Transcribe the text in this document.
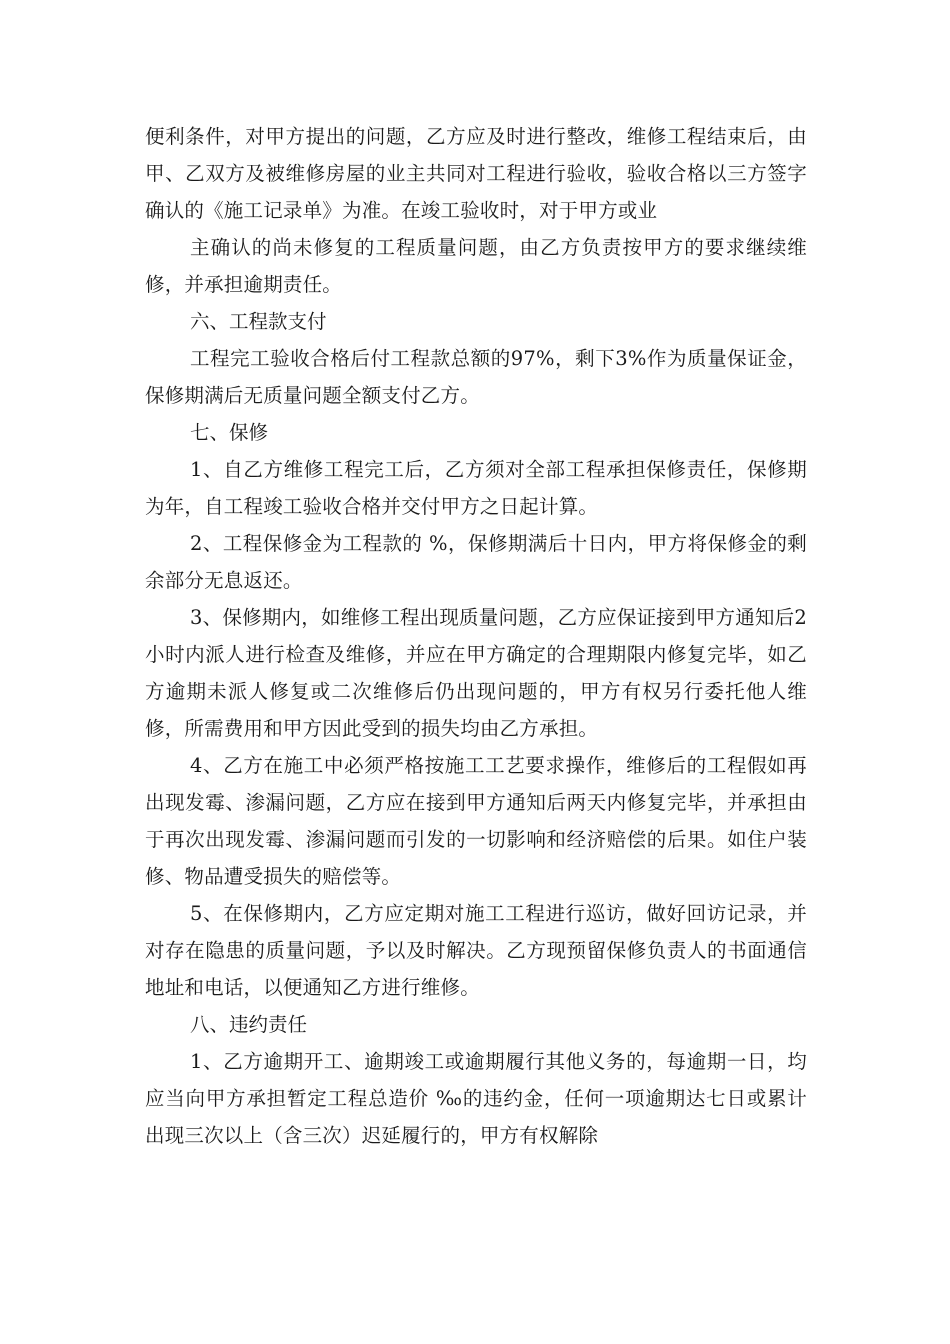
便利条件，对甲方提出的问题，乙方应及时进行整改，维修工程结束后，由甲、乙双方及被维修房屋的业主共同对工程进行验收，验收合格以三方签字确认的《施工记录单》为准。在竣工验收时，对于甲方或业

主确认的尚未修复的工程质量问题，由乙方负责按甲方的要求继续维修，并承担逾期责任。

六、工程款支付

工程完工验收合格后付工程款总额的97%，剩下3%作为质量保证金，保修期满后无质量问题全额支付乙方。

七、保修

1、自乙方维修工程完工后，乙方须对全部工程承担保修责任，保修期为年，自工程竣工验收合格并交付甲方之日起计算。

2、工程保修金为工程款的 %，保修期满后十日内，甲方将保修金的剩余部分无息返还。

3、保修期内，如维修工程出现质量问题，乙方应保证接到甲方通知后2小时内派人进行检查及维修，并应在甲方确定的合理期限内修复完毕，如乙方逾期未派人修复或二次维修后仍出现问题的，甲方有权另行委托他人维修，所需费用和甲方因此受到的损失均由乙方承担。

4、乙方在施工中必须严格按施工工艺要求操作，维修后的工程假如再出现发霉、渗漏问题，乙方应在接到甲方通知后两天内修复完毕，并承担由于再次出现发霉、渗漏问题而引发的一切影响和经济赔偿的后果。如住户装修、物品遭受损失的赔偿等。

5、在保修期内，乙方应定期对施工工程进行巡访，做好回访记录，并对存在隐患的质量问题，予以及时解决。乙方现预留保修负责人的书面通信地址和电话，以便通知乙方进行维修。

八、违约责任

1、乙方逾期开工、逾期竣工或逾期履行其他义务的，每逾期一日，均应当向甲方承担暂定工程总造价 ‰的违约金，任何一项逾期达七日或累计出现三次以上（含三次）迟延履行的，甲方有权解除
